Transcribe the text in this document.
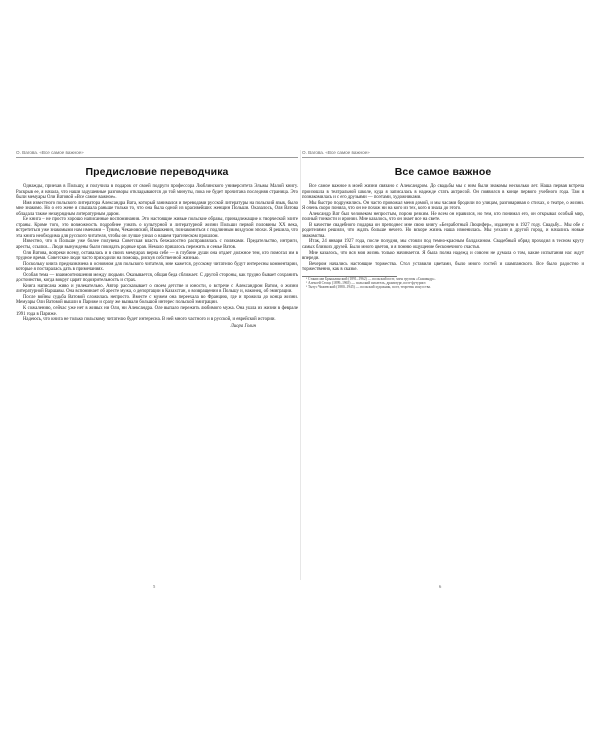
О. Вагова. «Все самое важное»
Предисловие переводчика

Однажды, приехав в Польшу, я получила в подарок от своей подруги профессора Люблинского университета Эльжы Малой книгу. Раскрыв ее, я начала, что наши задушевные разговоры откладываются до той минуты, пока не будет прочитана последняя страница. Это были мемуары Оли Ватовой «Все самое важное».

Имя известного польского литератора Александра Вата, который занимался и переводами русской литературы на польский язык, было мне знакомо. Но о его жене я слышала раньше только то, что она была одной из красивейших женщин Польши. Оказалось, Оля Ватова обладала также незаурядным литературным даром.

Ее книга – не просто хорошо написанные воспоминания. Это настоящие живые польские образы, принадлежащие к творческой элите страны. Кроме того, это возможность подробнее узнать о культурной и литературной жизни Польши первой половины XX века, встретиться уже знакомыми нам именами – Тувим, Чекановский, Ивашкевич, познакомиться с подлинным воздухом эпохи. Я решила, что эта книга необходима для русского читателя, чтобы он лучше узнал о нашем трагическом прошлом.

Известно, что в Польше уже более полувека Советская власть безжалостно расправлялась с поляками. Предательство, интриги, аресты, ссылки... Люди вынуждены были покидать родные края. Немало пришлось пережить и семье Ватов.

Оля Ватова, вопреки всему, оставалась и в своих мемуарах верна себе — в глубине души она отдает должное тем, кто помогал им в трудное время. Советские люди часто приходили на помощь, рискуя собственной жизнью.

Поскольку книга предназначена в основном для польского читателя, мне кажется, русскому читателю будут интересны комментарии, которые я постаралась дать в примечаниях.

Особая тема — взаимоотношения между людьми. Оказывается, общая беда сближает. С другой стороны, как трудно бывает сохранить достоинство, когда вокруг царят подозрительность и страх.

Книга написана живо и увлекательно. Автор рассказывает о своем детстве и юности, о встрече с Александром Ватом, о жизни литературной Варшавы. Она вспоминает об аресте мужа, о депортации в Казахстан, о возвращении в Польшу и, наконец, об эмиграции.

После войны судьба Ватовой сложилась непросто. Вместе с мужем она переехала во Францию, где и прожила до конца жизни. Мемуары Оли Ватовой вышли в Париже и сразу же вызвали большой интерес польской эмиграции.

К сожалению, сейчас уже нет в живых ни Оли, ни Александра. Оле выпало пережить любимого мужа. Она ушла из жизни в феврале 1991 года в Париже.

Надеюсь, что книга не только польскому читателю будет интересна. В ней много частного и в русской, и еврейской истории.

Лиора Голин

5
О. Вагова. «Все самое важное»
Все самое важное

Все самое важное в моей жизни связано с Александром. До свадьбы мы с ним были знакомы несколько лет. Наша первая встреча произошла в театральной школе, куда я записалась в надежде стать актрисой. Он появился в конце первого учебного года. Там я познакомилась и с его друзьями — поэтами, художниками.

Мы быстро подружились. Он часто провожал меня домой, и мы часами бродили по улицам, разговаривая о стихах, о театре, о жизни. Я очень скоро поняла, что он не похож ни на кого из тех, кого я знала до этого.

Александр Ват был человеком непростым, порою резким. Не всем он нравился, но тем, кто понимал его, он открывал особый мир, полный тонкости и иронии. Мне казалось, что он знает все на свете.

В качестве свадебного подарка он преподнес мне свою книгу «Безработный Люцифер», изданную в 1927 году. Свадьбу... Мы обе с родителями решили, что ждать больше нечего. Но вскоре жизнь наша изменилась. Мы уехали в другой город, и начались новые знакомства.

Итак, 24 января 1927 года, после полудня, мы стояли под темно-красным балдахином. Свадебный обряд проходил в тесном кругу самых близких друзей. Было много цветов, и я помню ощущение бесконечного счастья.

Мне казалось, что вся моя жизнь только начинается. Я была полна надежд и совсем не думала о том, какие испытания нас ждут впереди.

Вечером начались настоящие торжества. Стол уставили цветами, было много гостей и шампанского. Все было радостно и торжественно, как в сказке.

¹ Станислав Брыкалинский (1891–1962) — польский поэт, член группы «Скамандр».

² Алексей Стоцк (1899–1965) — польский писатель, драматург, поэт-футурист.

³ Тытус Чижевский (1880–1945) — польский художник, поэт, теоретик искусства.

6
